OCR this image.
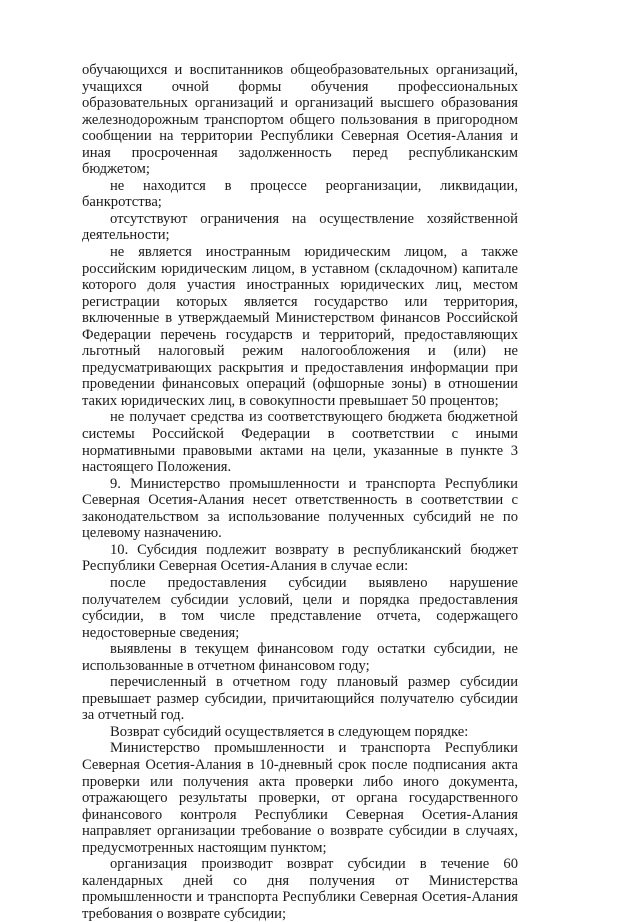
обучающихся и воспитанников общеобразовательных организаций, учащихся очной формы обучения профессиональных образовательных организаций и организаций высшего образования железнодорожным транспортом общего пользования в пригородном сообщении на территории Республики Северная Осетия-Алания и иная просроченная задолженность перед республиканским бюджетом;

не находится в процессе реорганизации, ликвидации, банкротства;

отсутствуют ограничения на осуществление хозяйственной деятельности;

не является иностранным юридическим лицом, а также российским юридическим лицом, в уставном (складочном) капитале которого доля участия иностранных юридических лиц, местом регистрации которых является государство или территория, включенные в утверждаемый Министерством финансов Российской Федерации перечень государств и территорий, предоставляющих льготный налоговый режим налогообложения и (или) не предусматривающих раскрытия и предоставления информации при проведении финансовых операций (офшорные зоны) в отношении таких юридических лиц, в совокупности превышает 50 процентов;

не получает средства из соответствующего бюджета бюджетной системы Российской Федерации в соответствии с иными нормативными правовыми актами на цели, указанные в пункте 3 настоящего Положения.

9. Министерство промышленности и транспорта Республики Северная Осетия-Алания несет ответственность в соответствии с законодательством за использование полученных субсидий не по целевому назначению.

10. Субсидия подлежит возврату в республиканский бюджет Республики Северная Осетия-Алания в случае если:

после предоставления субсидии выявлено нарушение получателем субсидии условий, цели и порядка предоставления субсидии, в том числе представление отчета, содержащего недостоверные сведения;

выявлены в текущем финансовом году остатки субсидии, не использованные в отчетном финансовом году;

перечисленный в отчетном году плановый размер субсидии превышает размер субсидии, причитающийся получателю субсидии за отчетный год.

Возврат субсидий осуществляется в следующем порядке:

Министерство промышленности и транспорта Республики Северная Осетия-Алания в 10-дневный срок после подписания акта проверки или получения акта проверки либо иного документа, отражающего результаты проверки, от органа государственного финансового контроля Республики Северная Осетия-Алания направляет организации требование о возврате субсидии в случаях, предусмотренных настоящим пунктом;

организация производит возврат субсидии в течение 60 календарных дней со дня получения от Министерства промышленности и транспорта Республики Северная Осетия-Алания требования о возврате субсидии;
